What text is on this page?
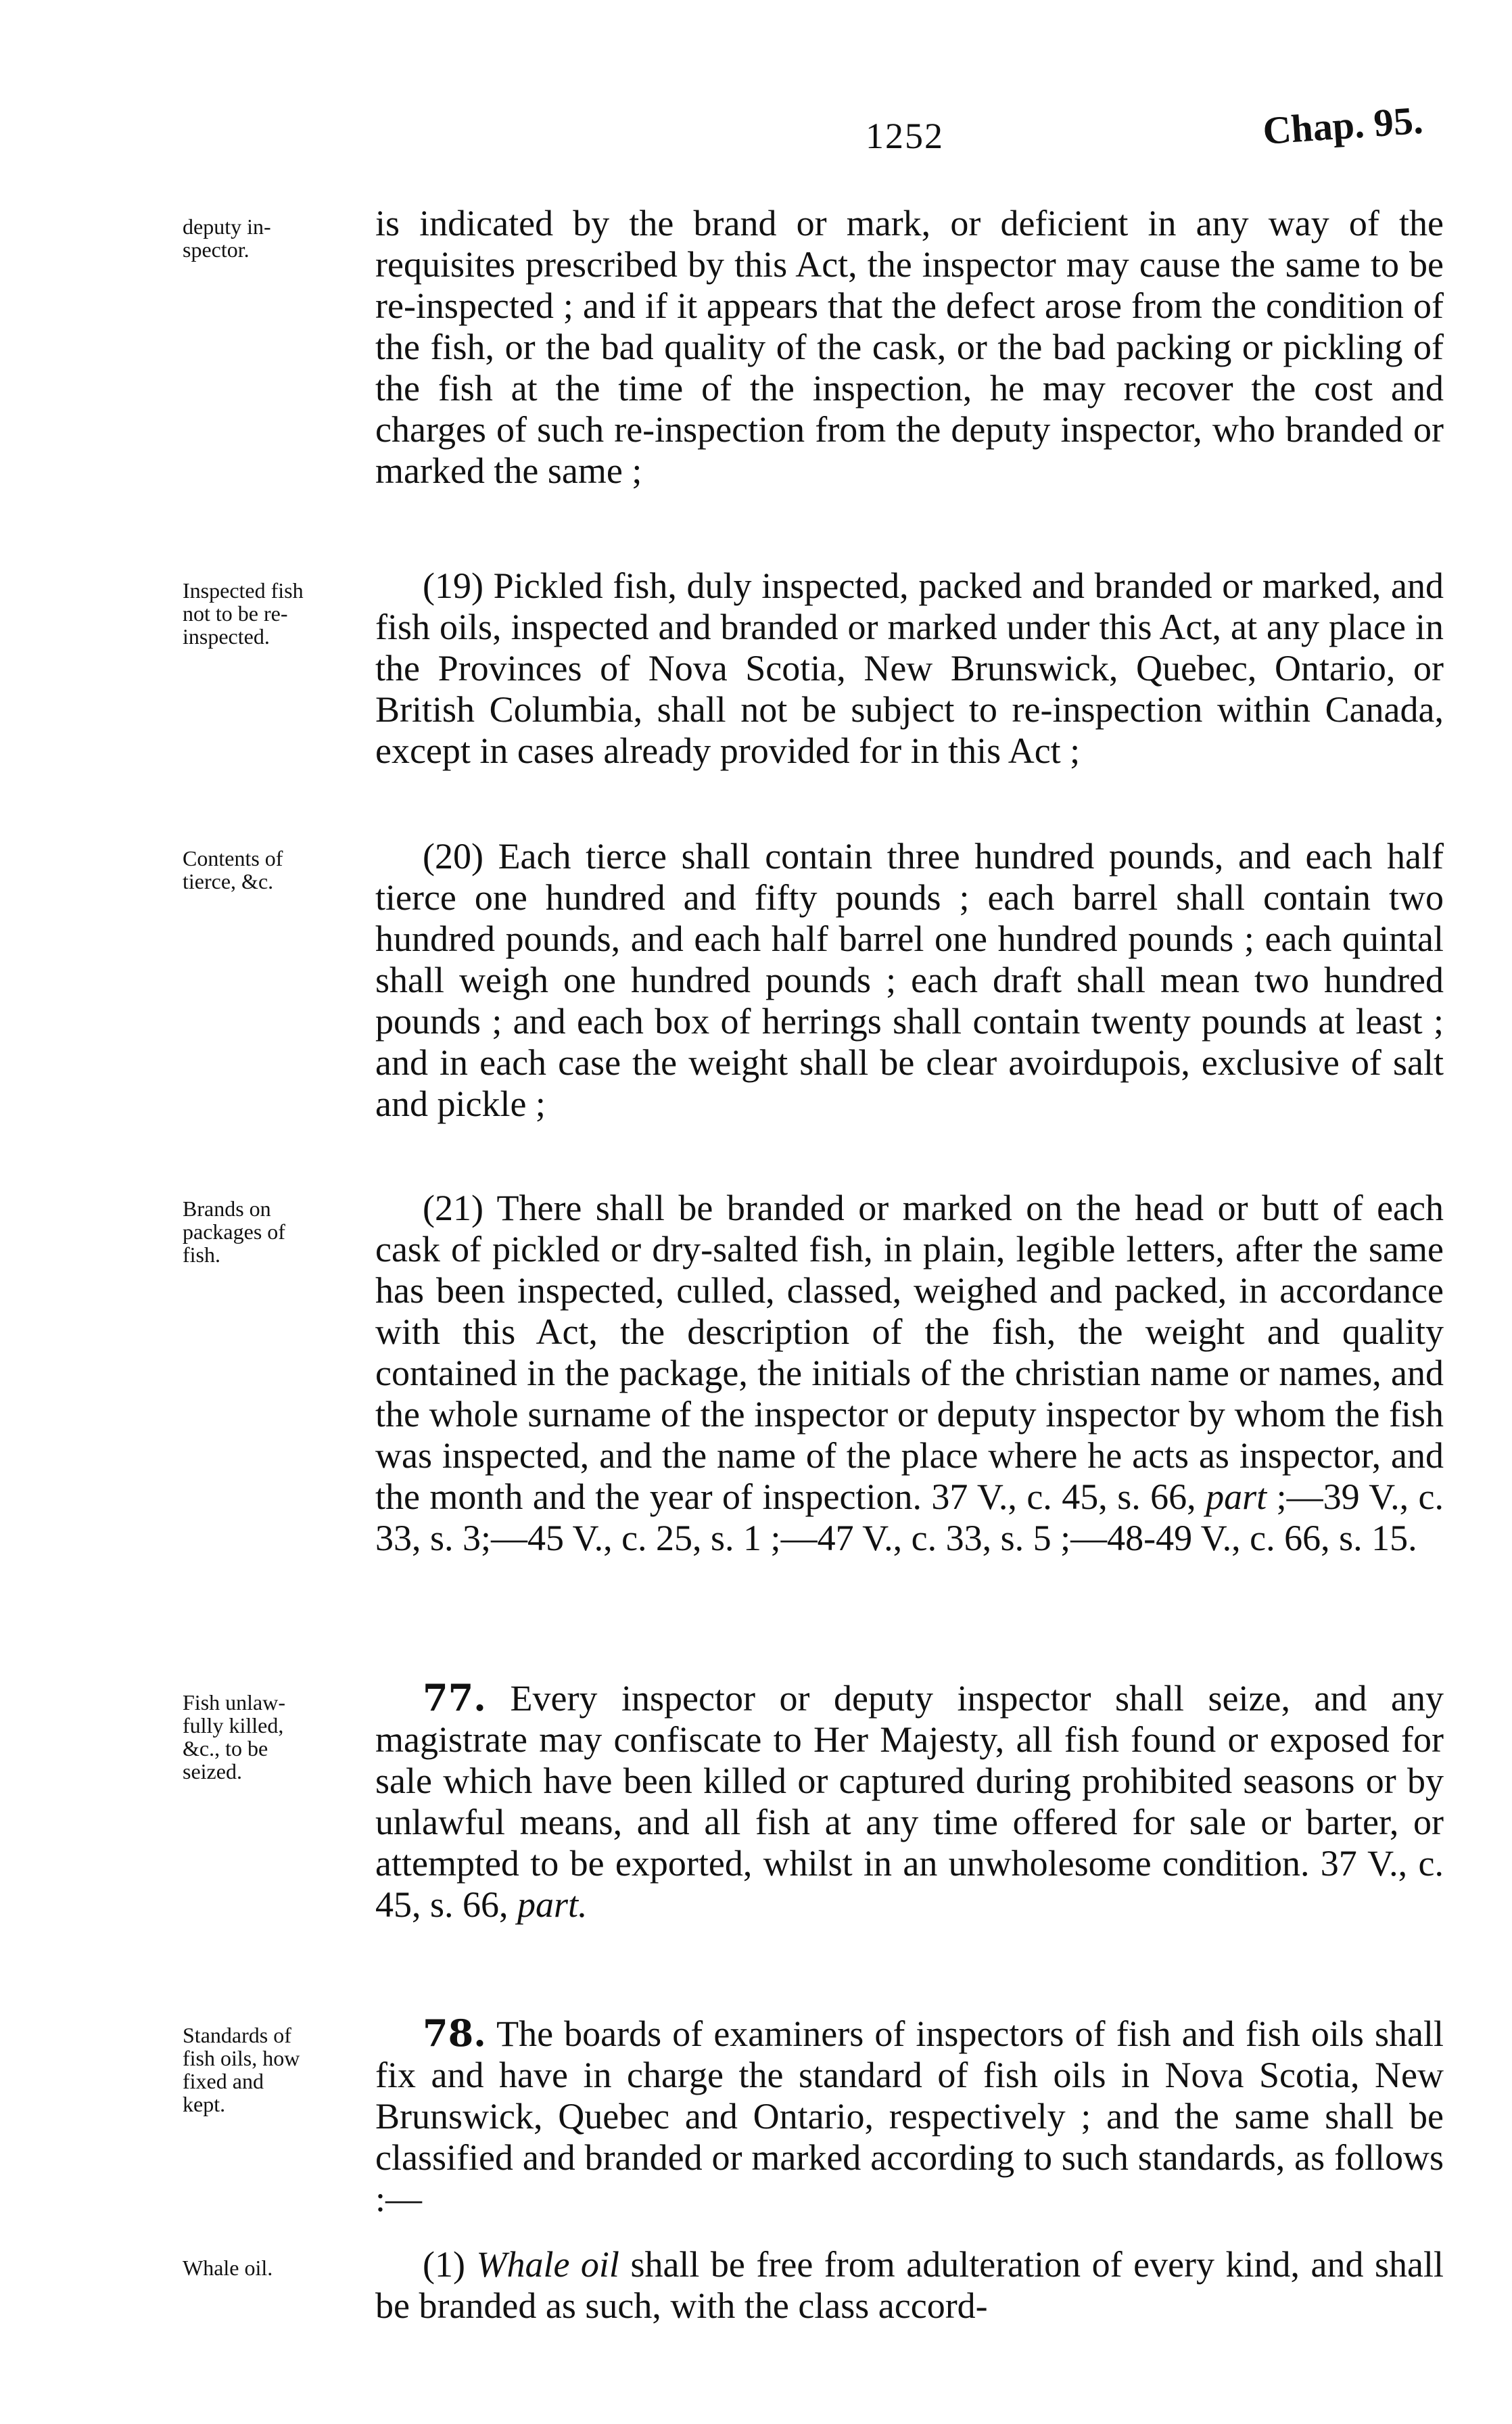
1252	Chap. 95.
deputy in-
spector.
Inspected fish
not to be re-
inspected.
Contents of
tierce, &c.
Brands on
packages of
fish.
Fish unlaw-
fully killed,
&c., to be
seized.
Standards of
fish oils, how
fixed and
kept.
Whale oil.

is indicated by the brand or mark, or deficient in any way of the requisites prescribed by this Act, the inspector may cause the same to be re-inspected ; and if it appears that the defect arose from the condition of the fish, or the bad quality of the cask, or the bad packing or pickling of the fish at the time of the inspection, he may recover the cost and charges of such re-inspection from the deputy inspector, who branded or marked the same ;

(19) Pickled fish, duly inspected, packed and branded or marked, and fish oils, inspected and branded or marked under this Act, at any place in the Provinces of Nova Scotia, New Brunswick, Quebec, Ontario, or British Columbia, shall not be subject to re-inspection within Canada, except in cases already provided for in this Act ;

(20) Each tierce shall contain three hundred pounds, and each half tierce one hundred and fifty pounds ; each barrel shall contain two hundred pounds, and each half barrel one hundred pounds ; each quintal shall weigh one hundred pounds ; each draft shall mean two hundred pounds ; and each box of herrings shall contain twenty pounds at least ; and in each case the weight shall be clear avoirdupois, exclusive of salt and pickle ;

(21) There shall be branded or marked on the head or butt of each cask of pickled or dry-salted fish, in plain, legible letters, after the same has been inspected, culled, classed, weighed and packed, in accordance with this Act, the description of the fish, the weight and quality contained in the package, the initials of the christian name or names, and the whole surname of the inspector or deputy inspector by whom the fish was inspected, and the name of the place where he acts as inspector, and the month and the year of inspection. 37 V., c. 45, s. 66, part ;—39 V., c. 33, s. 3;—45 V., c. 25, s. 1 ;—47 V., c. 33, s. 5 ;—48-49 V., c. 66, s. 15.

77. Every inspector or deputy inspector shall seize, and any magistrate may confiscate to Her Majesty, all fish found or exposed for sale which have been killed or captured during prohibited seasons or by unlawful means, and all fish at any time offered for sale or barter, or attempted to be exported, whilst in an unwholesome condition. 37 V., c. 45, s. 66, part.

78. The boards of examiners of inspectors of fish and fish oils shall fix and have in charge the standard of fish oils in Nova Scotia, New Brunswick, Quebec and Ontario, respectively ; and the same shall be classified and branded or marked according to such standards, as follows :—

(1) Whale oil shall be free from adulteration of every kind, and shall be branded as such, with the class accord-
